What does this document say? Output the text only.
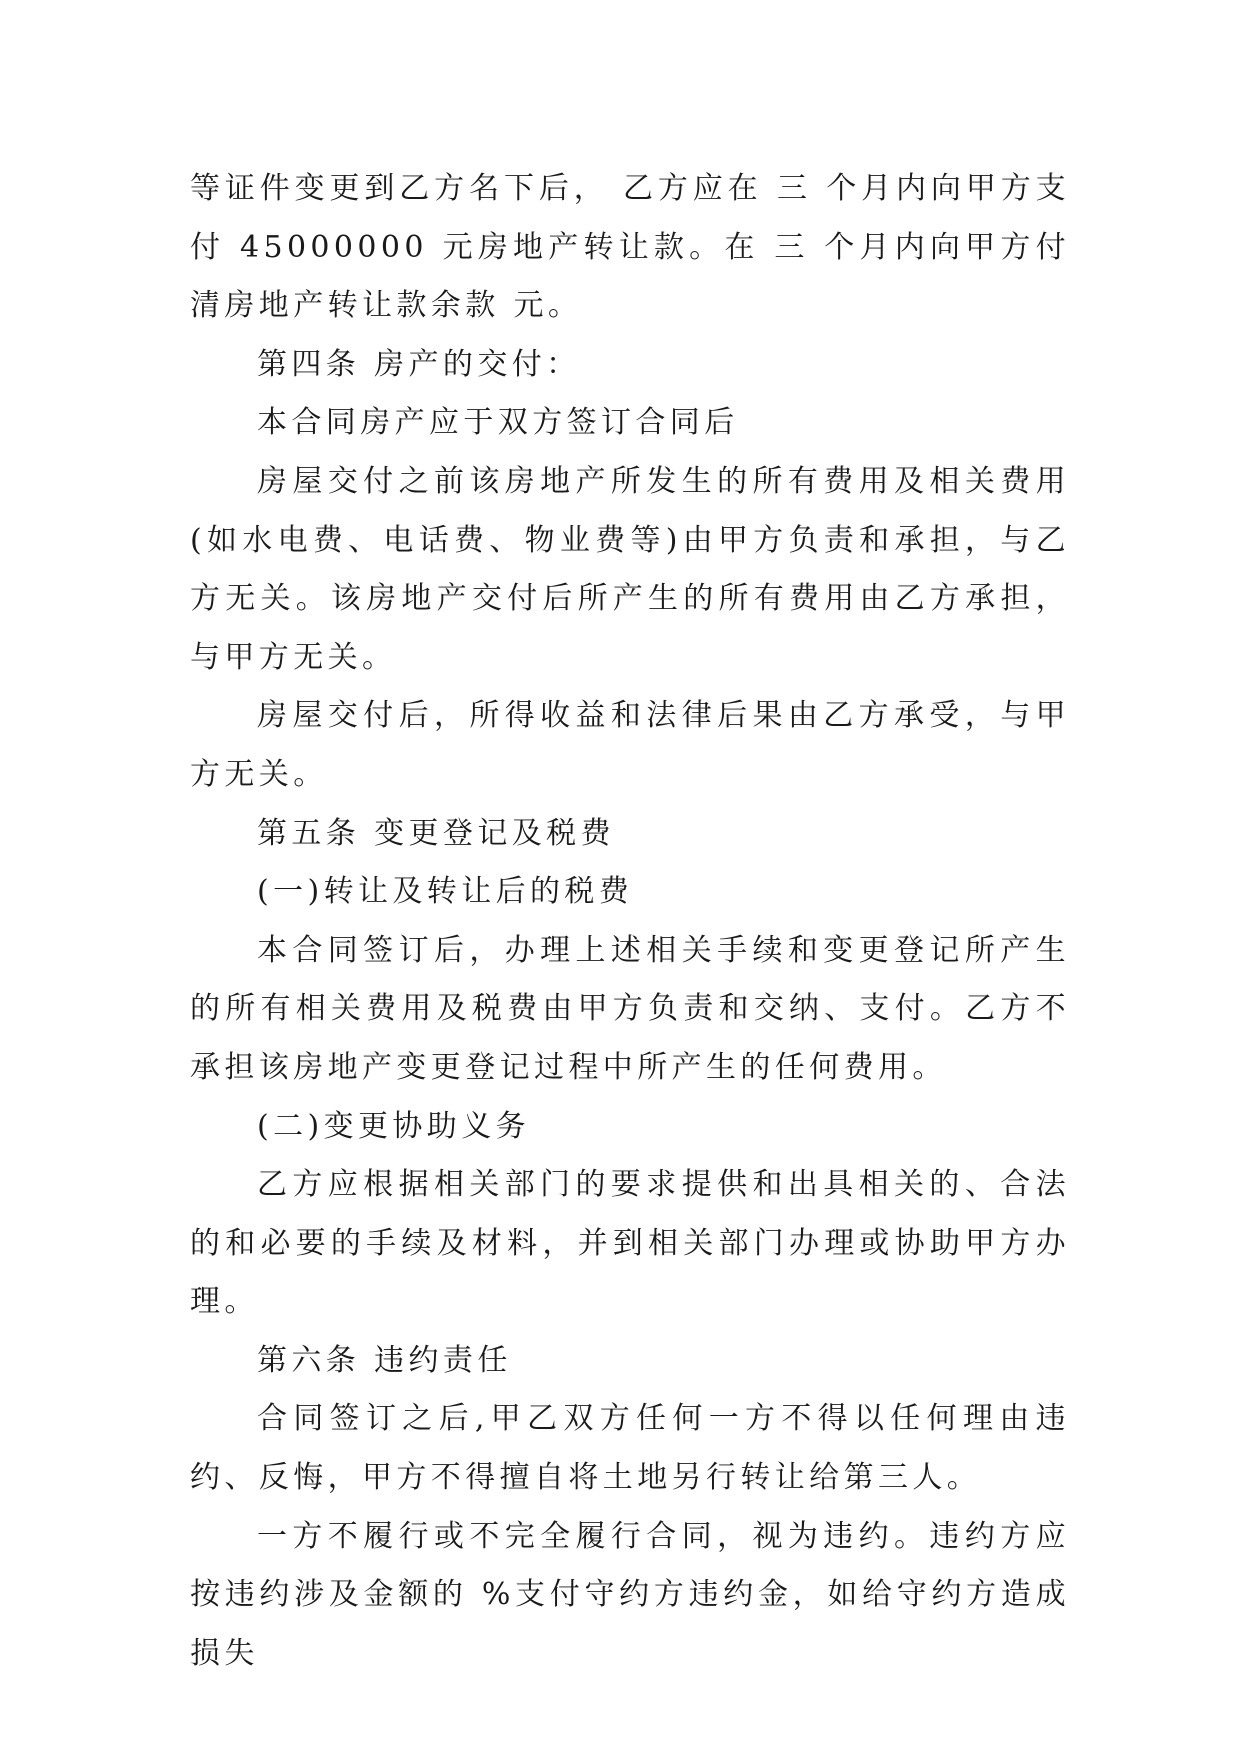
等证件变更到乙方名下后， 乙方应在 三 个月内向甲方支付 45000000 元房地产转让款。在 三 个月内向甲方付清房地产转让款余款 元。

第四条 房产的交付：

本合同房产应于双方签订合同后

房屋交付之前该房地产所发生的所有费用及相关费用(如水电费、电话费、物业费等)由甲方负责和承担，与乙方无关。该房地产交付后所产生的所有费用由乙方承担，与甲方无关。

房屋交付后，所得收益和法律后果由乙方承受，与甲方无关。

第五条 变更登记及税费

(一)转让及转让后的税费

本合同签订后，办理上述相关手续和变更登记所产生的所有相关费用及税费由甲方负责和交纳、支付。乙方不承担该房地产变更登记过程中所产生的任何费用。

(二)变更协助义务

乙方应根据相关部门的要求提供和出具相关的、合法的和必要的手续及材料，并到相关部门办理或协助甲方办理。

第六条 违约责任

合同签订之后,甲乙双方任何一方不得以任何理由违约、反悔，甲方不得擅自将土地另行转让给第三人。

一方不履行或不完全履行合同，视为违约。违约方应按违约涉及金额的 %支付守约方违约金，如给守约方造成损失
